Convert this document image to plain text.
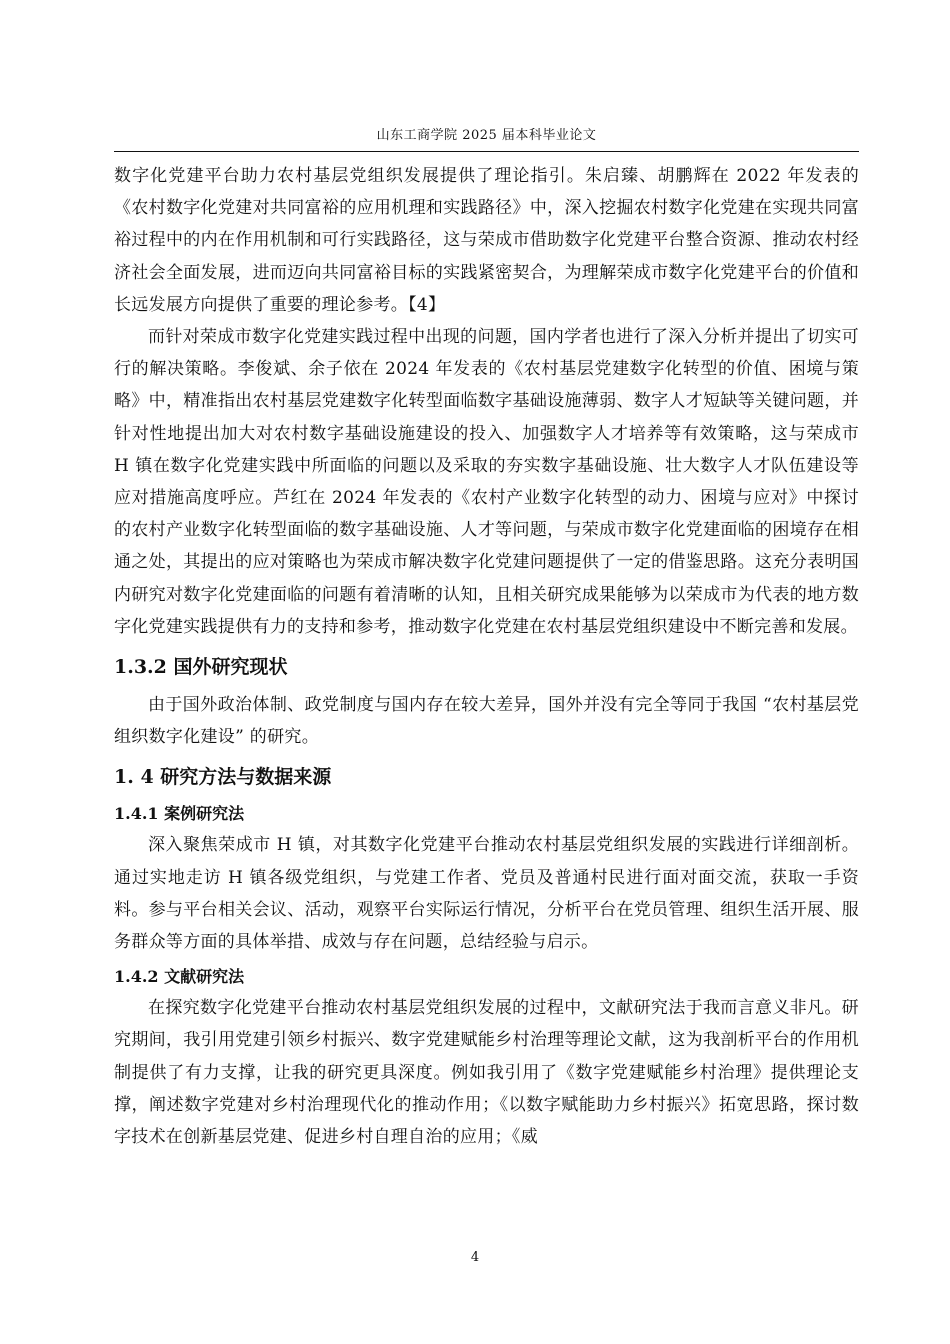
山东工商学院 2025 届本科毕业论文

数字化党建平台助力农村基层党组织发展提供了理论指引。朱启臻、胡鹏辉在 2022 年发表的《农村数字化党建对共同富裕的应用机理和实践路径》中，深入挖掘农村数字化党建在实现共同富裕过程中的内在作用机制和可行实践路径，这与荣成市借助数字化党建平台整合资源、推动农村经济社会全面发展，进而迈向共同富裕目标的实践紧密契合，为理解荣成市数字化党建平台的价值和长远发展方向提供了重要的理论参考。【4】

而针对荣成市数字化党建实践过程中出现的问题，国内学者也进行了深入分析并提出了切实可行的解决策略。李俊斌、余子依在 2024 年发表的《农村基层党建数字化转型的价值、困境与策略》中，精准指出农村基层党建数字化转型面临数字基础设施薄弱、数字人才短缺等关键问题，并针对性地提出加大对农村数字基础设施建设的投入、加强数字人才培养等有效策略，这与荣成市 H 镇在数字化党建实践中所面临的问题以及采取的夯实数字基础设施、壮大数字人才队伍建设等应对措施高度呼应。芦红在 2024 年发表的《农村产业数字化转型的动力、困境与应对》中探讨的农村产业数字化转型面临的数字基础设施、人才等问题，与荣成市数字化党建面临的困境存在相通之处，其提出的应对策略也为荣成市解决数字化党建问题提供了一定的借鉴思路。这充分表明国内研究对数字化党建面临的问题有着清晰的认知，且相关研究成果能够为以荣成市为代表的地方数字化党建实践提供有力的支持和参考，推动数字化党建在农村基层党组织建设中不断完善和发展。

1.3.2 国外研究现状

由于国外政治体制、政党制度与国内存在较大差异，国外并没有完全等同于我国 “农村基层党组织数字化建设” 的研究。

1. 4 研究方法与数据来源
1.4.1 案例研究法

深入聚焦荣成市 H 镇，对其数字化党建平台推动农村基层党组织发展的实践进行详细剖析。通过实地走访 H 镇各级党组织，与党建工作者、党员及普通村民进行面对面交流，获取一手资料。参与平台相关会议、活动，观察平台实际运行情况，分析平台在党员管理、组织生活开展、服务群众等方面的具体举措、成效与存在问题，总结经验与启示。

1.4.2 文献研究法

在探究数字化党建平台推动农村基层党组织发展的过程中，文献研究法于我而言意义非凡。研究期间，我引用党建引领乡村振兴、数字党建赋能乡村治理等理论文献，这为我剖析平台的作用机制提供了有力支撑，让我的研究更具深度。例如我引用了《数字党建赋能乡村治理》提供理论支撑，阐述数字党建对乡村治理现代化的推动作用；《以数字赋能助力乡村振兴》拓宽思路，探讨数字技术在创新基层党建、促进乡村自理自治的应用；《威

4
